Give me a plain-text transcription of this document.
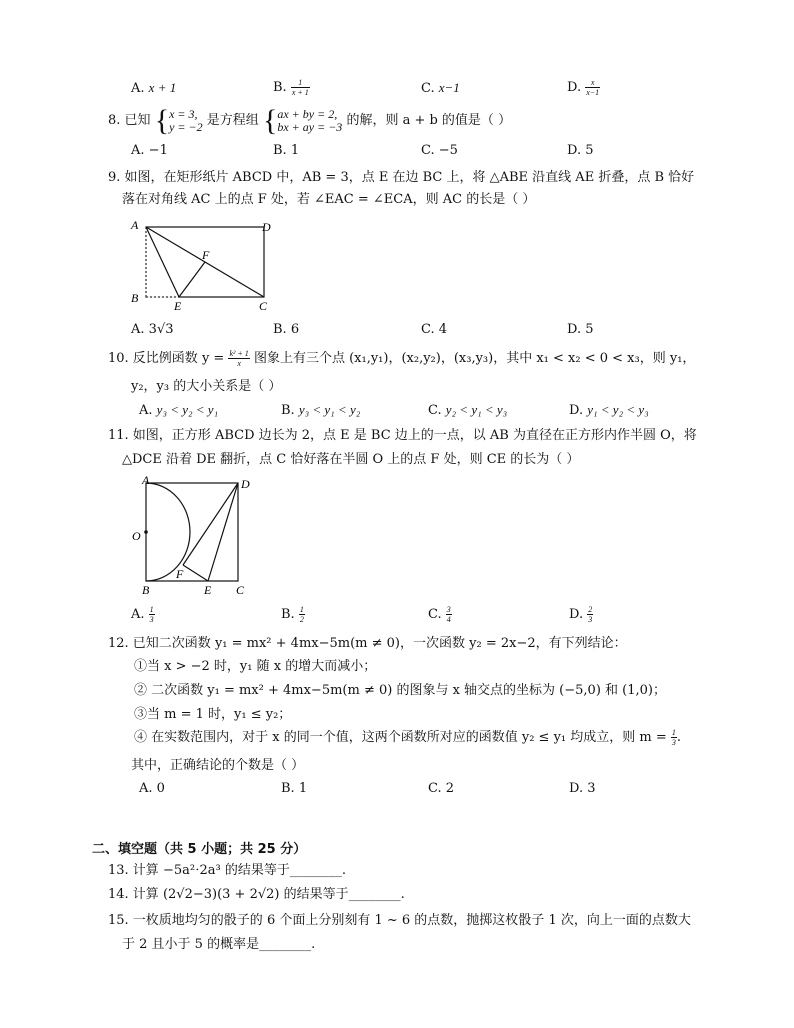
A. x + 1	B. $\frac{1}{x + 1}$	C. x−1	D. $\frac{x}{x-1}$
8. 已知 { x = 3,
y = −2 是方程组 { ax + by = 2,
bx + ay = −3 的解，则 a + b 的值是（ ）
A. −1	B. 1	C. −5	D. 5
9. 如图，在矩形纸片 ABCD 中，AB = 3，点 E 在边 BC 上，将 △ABE 沿直线 AE 折叠，点 B 恰好
落在对角线 AC 上的点 F 处，若 ∠EAC = ∠ECA，则 AC 的长是（ ）
A	D
B
C
E
F
A. 3√3	B. 6	C. 4	D. 5
10. 反比例函数 $y = \frac{\text{k² + 1}}{x}$ 图象上有三个点 (x₁,y₁)，(x₂,y₂)，(x₃,y₃)，其中 x₁ < x₂ < 0 < x₃，则 y₁，
y₂，y₃ 的大小关系是（ ）
A. y₃ < y₂ < y₁	B. y₃ < y₁ < y₂	C. y₂ < y₁ < y₃	D. y₁ < y₂ < y₃
11. 如图，正方形 ABCD 边长为 2，点 E 是 BC 边上的一点，以 AB 为直径在正方形内作半圆 O，将
△DCE 沿着 DE 翻折，点 C 恰好落在半圆 O 上的点 F 处，则 CE 的长为（ ）
A	D
O
B
F
E C
A. $\frac{1}{3}$	B. $\frac{1}{2}$	C. $\frac{3}{4}$	D. $\frac{2}{3}$
12. 已知二次函数 y₁ = mx² + 4mx−5m(m ≠ 0)，一次函数 y₂ = 2x−2，有下列结论：
①当 x > −2 时，y₁ 随 x 的增大而减小；
② 二次函数 y₁ = mx² + 4mx−5m(m ≠ 0) 的图象与 x 轴交点的坐标为 (−5,0) 和 (1,0)；
③当 m = 1 时，y₁ ≤ y₂；
④ 在实数范围内，对于 x 的同一个值，这两个函数所对应的函数值 y₂ ≤ y₁ 均成立，则 $m = \frac{1}{3}$ .
其中，正确结论的个数是（ ）
A. 0	B. 1	C. 2	D. 3
二、填空题（共 5 小题；共 25 分）
13. 计算 −5a²⋅2a³ 的结果等于________.
14. 计算 (2√2−3)(3 + 2√2) 的结果等于________.
15. 一枚质地均匀的骰子的 6 个面上分别刻有 1 ~ 6 的点数，抛掷这枚骰子 1 次，向上一面的点数大
于 2 且小于 5 的概率是________.
